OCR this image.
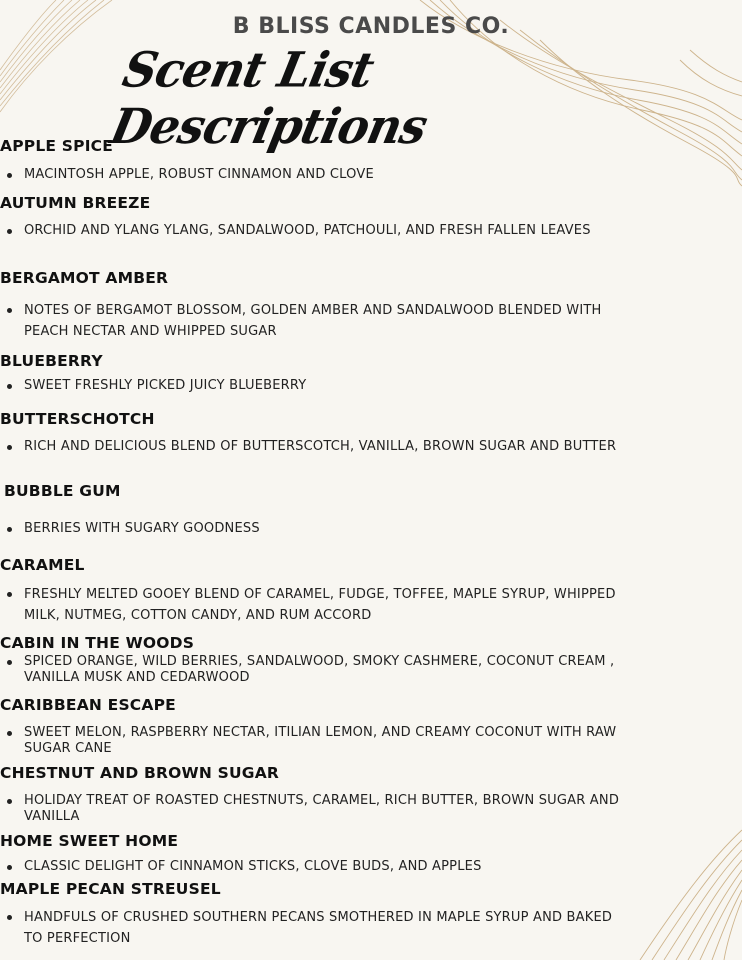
B BLISS CANDLES CO.
Scent List Descriptions
APPLE SPICE
MACINTOSH APPLE, ROBUST CINNAMON AND CLOVE
AUTUMN BREEZE
ORCHID AND YLANG YLANG, SANDALWOOD, PATCHOULI, AND FRESH FALLEN LEAVES
BERGAMOT AMBER
NOTES OF BERGAMOT BLOSSOM, GOLDEN AMBER AND SANDALWOOD BLENDED WITH PEACH NECTAR AND WHIPPED SUGAR
BLUEBERRY
SWEET FRESHLY PICKED JUICY BLUEBERRY
BUTTERSCHOTCH
RICH AND DELICIOUS BLEND OF BUTTERSCOTCH, VANILLA, BROWN SUGAR AND BUTTER
BUBBLE GUM
BERRIES WITH SUGARY GOODNESS
CARAMEL
FRESHLY MELTED GOOEY BLEND OF CARAMEL, FUDGE, TOFFEE, MAPLE SYRUP, WHIPPED MILK, NUTMEG, COTTON CANDY, AND RUM ACCORD
CABIN IN THE WOODS
SPICED ORANGE, WILD BERRIES, SANDALWOOD, SMOKY CASHMERE, COCONUT CREAM , VANILLA MUSK AND CEDARWOOD
CARIBBEAN ESCAPE
SWEET MELON, RASPBERRY NECTAR, ITILIAN LEMON, AND CREAMY COCONUT WITH RAW SUGAR CANE
CHESTNUT AND BROWN SUGAR
HOLIDAY TREAT OF ROASTED CHESTNUTS, CARAMEL, RICH BUTTER, BROWN SUGAR AND VANILLA
HOME SWEET HOME
CLASSIC DELIGHT OF CINNAMON STICKS, CLOVE BUDS, AND APPLES
MAPLE PECAN STREUSEL
HANDFULS OF CRUSHED SOUTHERN PECANS SMOTHERED IN MAPLE SYRUP AND BAKED TO PERFECTION
